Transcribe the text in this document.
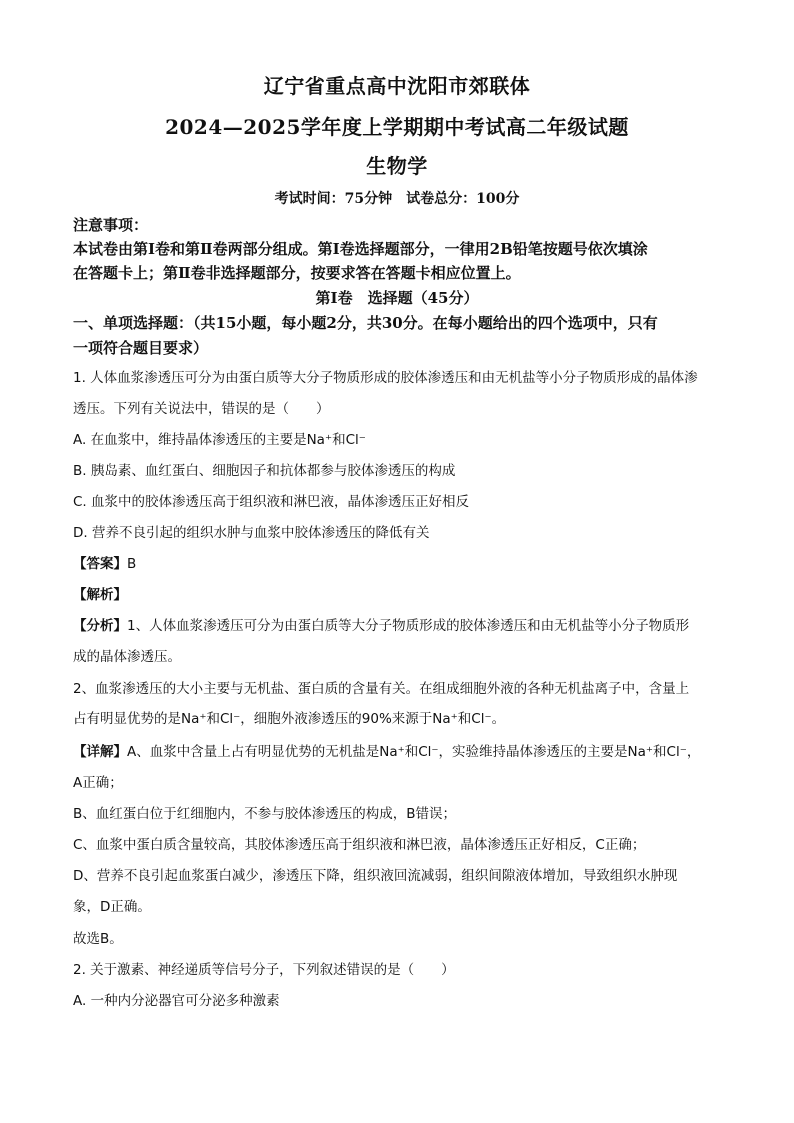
辽宁省重点高中沈阳市郊联体
2024—2025学年度上学期期中考试高二年级试题
生物学
考试时间：75分钟　试卷总分：100分
注意事项：
本试卷由第Ⅰ卷和第Ⅱ卷两部分组成。第Ⅰ卷选择题部分，一律用2B铅笔按题号依次填涂
在答题卡上；第Ⅱ卷非选择题部分，按要求答在答题卡相应位置上。
第Ⅰ卷　选择题（45分）
一、单项选择题：（共15小题，每小题2分，共30分。在每小题给出的四个选项中，只有
一项符合题目要求）
1. 人体血浆渗透压可分为由蛋白质等大分子物质形成的胶体渗透压和由无机盐等小分子物质形成的晶体渗
透压。下列有关说法中，错误的是（　　）
A. 在血浆中，维持晶体渗透压的主要是Na⁺和Cl⁻
B. 胰岛素、血红蛋白、细胞因子和抗体都参与胶体渗透压的构成
C. 血浆中的胶体渗透压高于组织液和淋巴液，晶体渗透压正好相反
D. 营养不良引起的组织水肿与血浆中胶体渗透压的降低有关
【答案】B
【解析】
【分析】1、人体血浆渗透压可分为由蛋白质等大分子物质形成的胶体渗透压和由无机盐等小分子物质形
成的晶体渗透压。
2、血浆渗透压的大小主要与无机盐、蛋白质的含量有关。在组成细胞外液的各种无机盐离子中，含量上
占有明显优势的是Na⁺和Cl⁻，细胞外液渗透压的90%来源于Na⁺和Cl⁻。
【详解】A、血浆中含量上占有明显优势的无机盐是Na⁺和Cl⁻，实验维持晶体渗透压的主要是Na⁺和Cl⁻，
A正确；
B、血红蛋白位于红细胞内，不参与胶体渗透压的构成，B错误；
C、血浆中蛋白质含量较高，其胶体渗透压高于组织液和淋巴液，晶体渗透压正好相反，C正确；
D、营养不良引起血浆蛋白减少，渗透压下降，组织液回流减弱，组织间隙液体增加，导致组织水肿现
象，D正确。
故选B。
2. 关于激素、神经递质等信号分子，下列叙述错误的是（　　）
A. 一种内分泌器官可分泌多种激素
